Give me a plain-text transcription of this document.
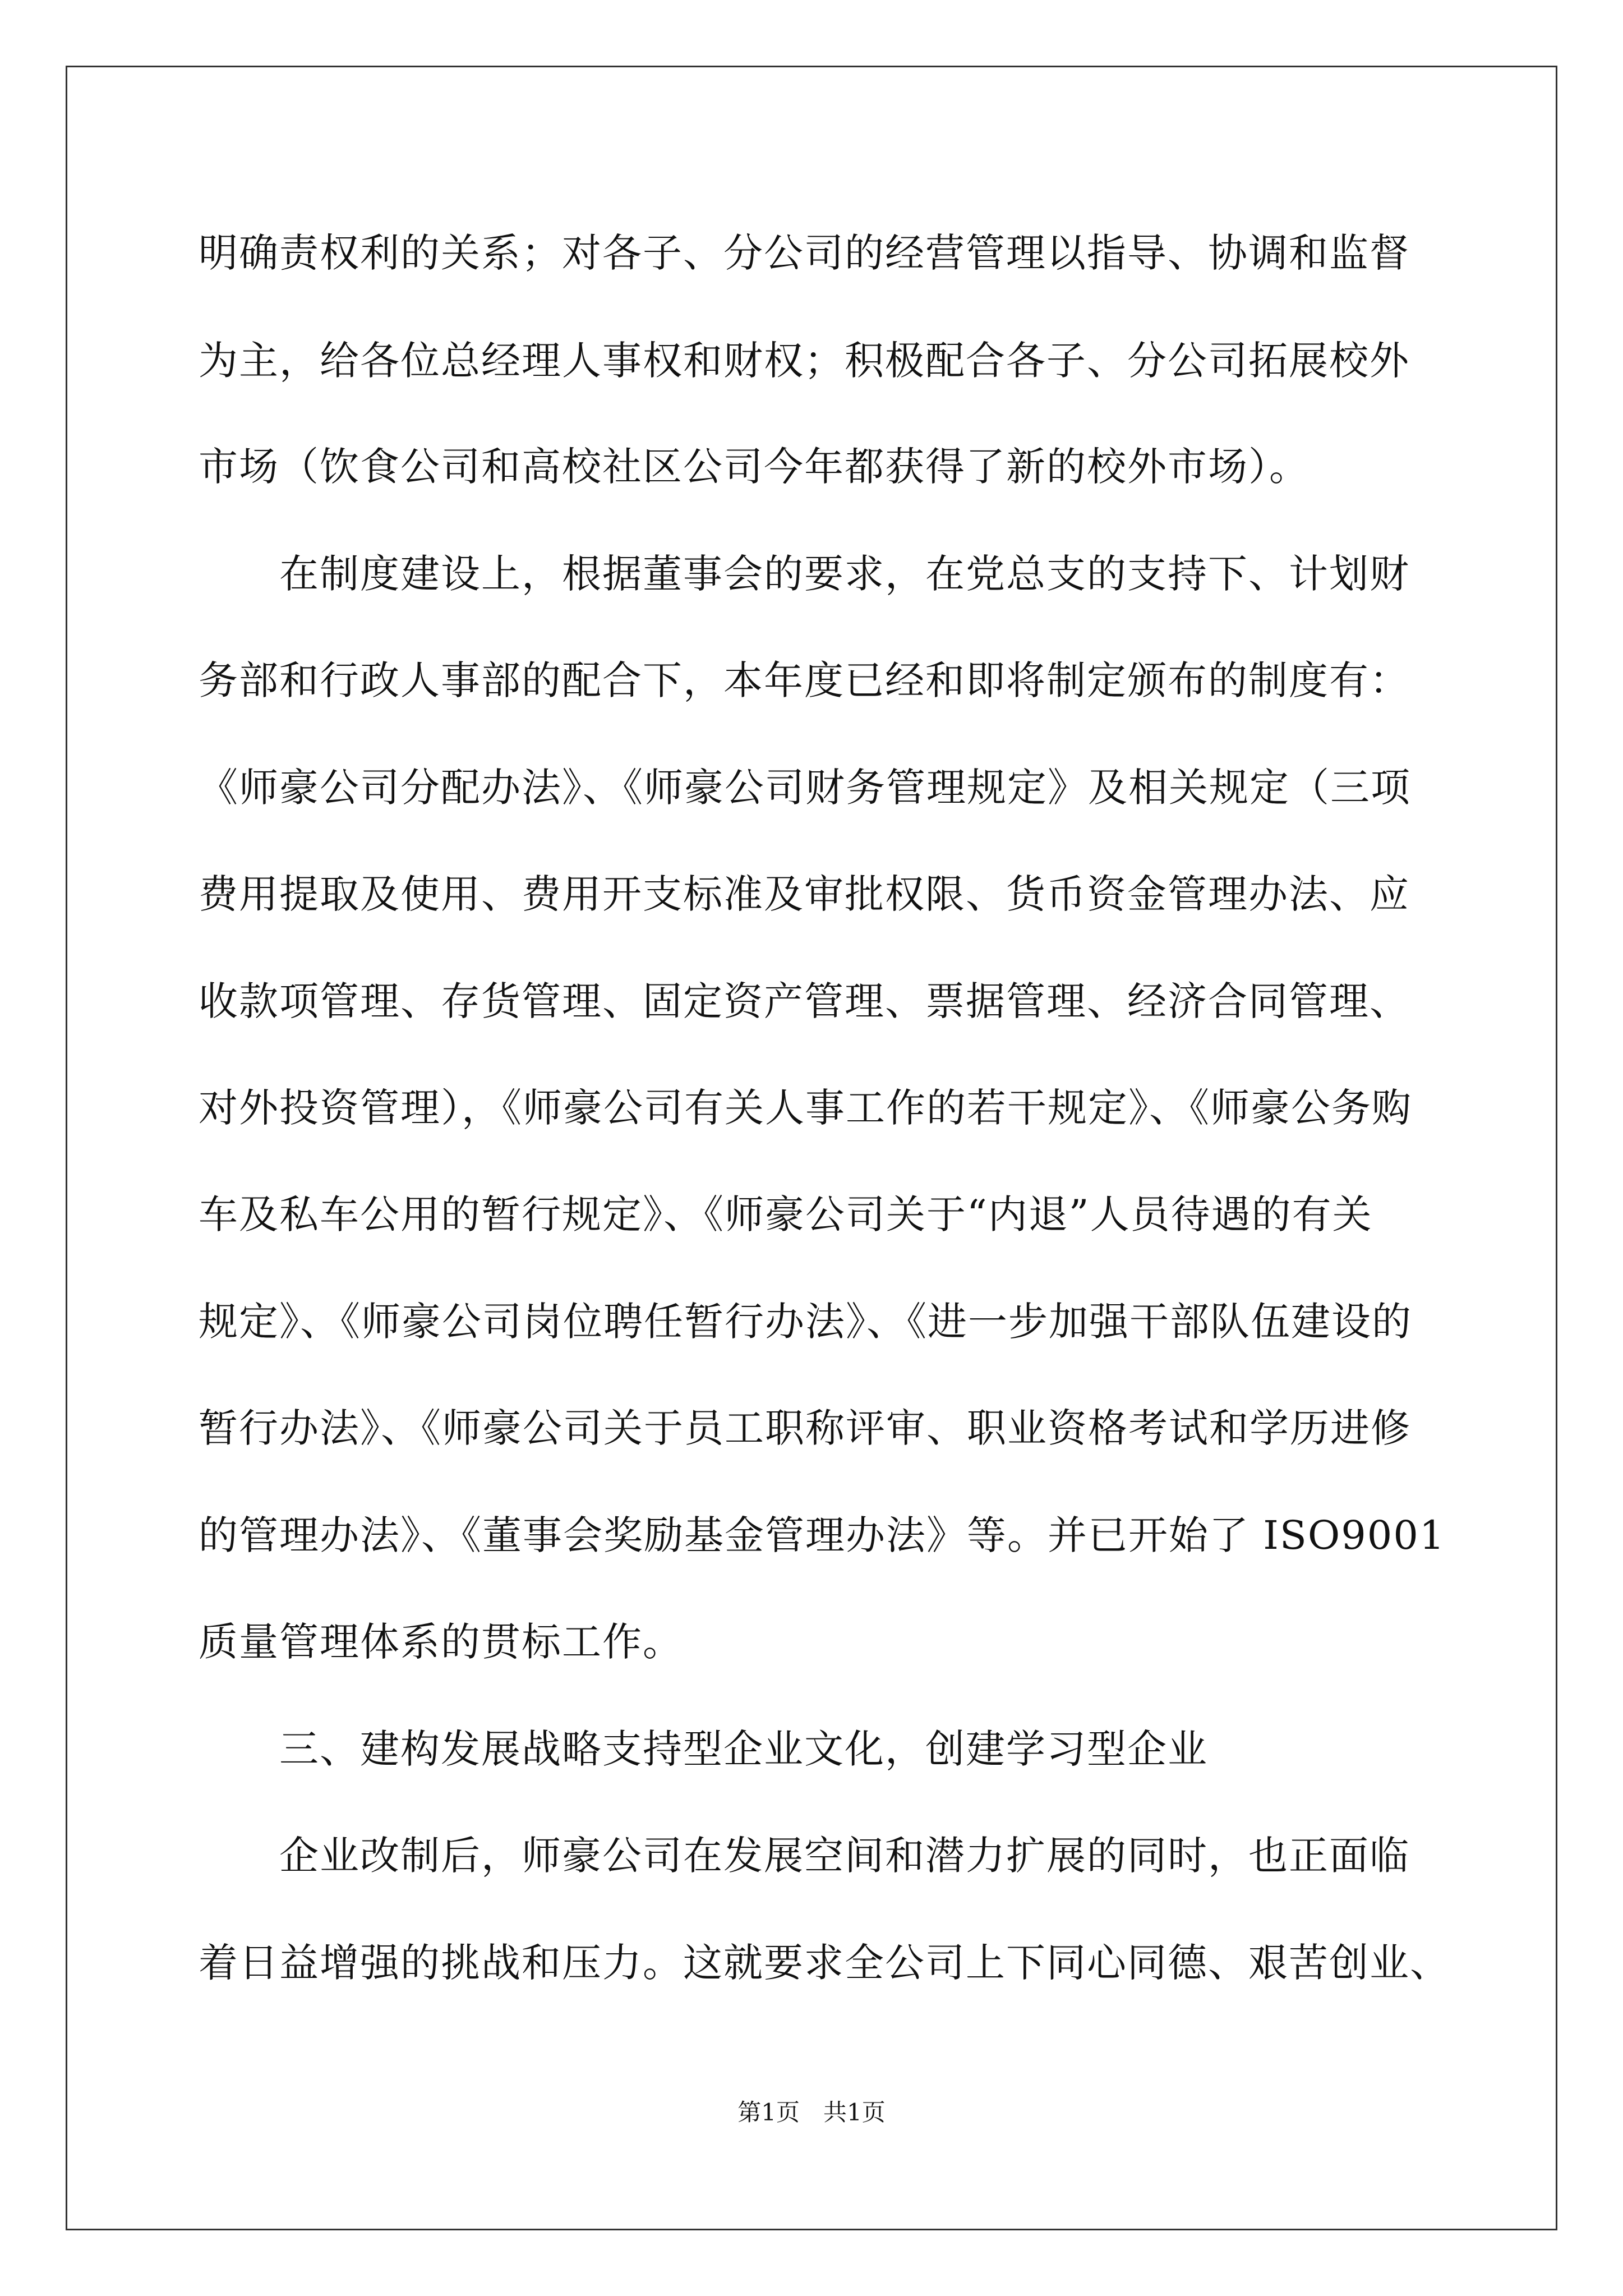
明确责权利的关系；对各子、分公司的经营管理以指导、协调和监督
为主，给各位总经理人事权和财权；积极配合各子、分公司拓展校外
市场（饮食公司和高校社区公司今年都获得了新的校外市场）。
　　在制度建设上，根据董事会的要求，在党总支的支持下、计划财
务部和行政人事部的配合下，本年度已经和即将制定颁布的制度有：
《师豪公司分配办法》、《师豪公司财务管理规定》及相关规定（三项
费用提取及使用、费用开支标准及审批权限、货币资金管理办法、应
收款项管理、存货管理、固定资产管理、票据管理、经济合同管理、
对外投资管理），《师豪公司有关人事工作的若干规定》、《师豪公务购
车及私车公用的暂行规定》、《师豪公司关于“内退”人员待遇的有关
规定》、《师豪公司岗位聘任暂行办法》、《进一步加强干部队伍建设的
暂行办法》、《师豪公司关于员工职称评审、职业资格考试和学历进修
的管理办法》、《董事会奖励基金管理办法》等。并已开始了 ISO9001
质量管理体系的贯标工作。
　　三、建构发展战略支持型企业文化，创建学习型企业
　　企业改制后，师豪公司在发展空间和潜力扩展的同时，也正面临
着日益增强的挑战和压力。这就要求全公司上下同心同德、艰苦创业、
第1页　共1页
